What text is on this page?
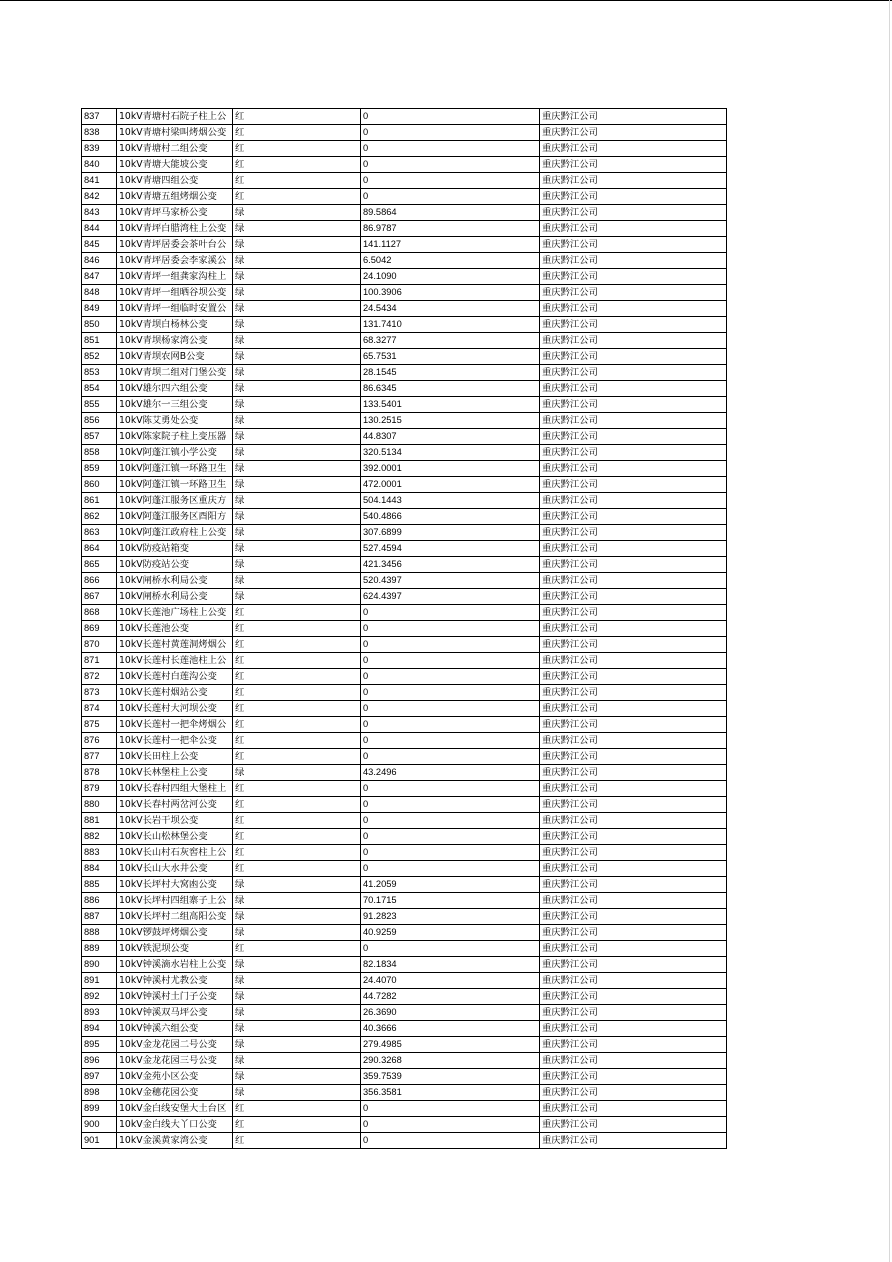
837	10kV青塘村石院子柱上公	红	0	重庆黔江公司
838	10kV青塘村梁叫烤烟公变	红	0	重庆黔江公司
839	10kV青塘村二组公变	红	0	重庆黔江公司
840	10kV青塘大能坡公变	红	0	重庆黔江公司
841	10kV青塘四组公变	红	0	重庆黔江公司
842	10kV青塘五组烤烟公变	红	0	重庆黔江公司
843	10kV青坪马家桥公变	绿	89.5864	重庆黔江公司
844	10kV青坪白腊湾柱上公变	绿	86.9787	重庆黔江公司
845	10kV青坪居委会茶叶台公	绿	141.1127	重庆黔江公司
846	10kV青坪居委会李家溪公	绿	6.5042	重庆黔江公司
847	10kV青坪一组龚家沟柱上	绿	24.1090	重庆黔江公司
848	10kV青坪一组晒谷坝公变	绿	100.3906	重庆黔江公司
849	10kV青坪一组临时安置公	绿	24.5434	重庆黔江公司
850	10kV青坝白杨林公变	绿	131.7410	重庆黔江公司
851	10kV青坝杨家湾公变	绿	68.3277	重庆黔江公司
852	10kV青坝农网B公变	绿	65.7531	重庆黔江公司
853	10kV青坝二组对门堡公变	绿	28.1545	重庆黔江公司
854	10kV雄尔四六组公变	绿	86.6345	重庆黔江公司
855	10kV雄尔一三组公变	绿	133.5401	重庆黔江公司
856	10kV陈艾勇处公变	绿	130.2515	重庆黔江公司
857	10kV陈家院子柱上变压器	绿	44.8307	重庆黔江公司
858	10kV阿蓬江镇小学公变	绿	320.5134	重庆黔江公司
859	10kV阿蓬江镇一环路卫生	绿	392.0001	重庆黔江公司
860	10kV阿蓬江镇一环路卫生	绿	472.0001	重庆黔江公司
861	10kV阿蓬江服务区重庆方	绿	504.1443	重庆黔江公司
862	10kV阿蓬江服务区酉阳方	绿	540.4866	重庆黔江公司
863	10kV阿蓬江政府柱上公变	绿	307.6899	重庆黔江公司
864	10kV防疫站箱变	绿	527.4594	重庆黔江公司
865	10kV防疫站公变	绿	421.3456	重庆黔江公司
866	10kV闸桥水利局公变	绿	520.4397	重庆黔江公司
867	10kV闸桥水利局公变	绿	624.4397	重庆黔江公司
868	10kV长莲池广场柱上公变	红	0	重庆黔江公司
869	10kV长莲池公变	红	0	重庆黔江公司
870	10kV长莲村黄莲洞烤烟公	红	0	重庆黔江公司
871	10kV长莲村长莲池柱上公	红	0	重庆黔江公司
872	10kV长莲村白莲沟公变	红	0	重庆黔江公司
873	10kV长莲村烟站公变	红	0	重庆黔江公司
874	10kV长莲村大河坝公变	红	0	重庆黔江公司
875	10kV长莲村一把伞烤烟公	红	0	重庆黔江公司
876	10kV长莲村一把伞公变	红	0	重庆黔江公司
877	10kV长田柱上公变	红	0	重庆黔江公司
878	10kV长林堡柱上公变	绿	43.2496	重庆黔江公司
879	10kV长春村四组大堡柱上	红	0	重庆黔江公司
880	10kV长春村两岔河公变	红	0	重庆黔江公司
881	10kV长岩干坝公变	红	0	重庆黔江公司
882	10kV长山松林堡公变	红	0	重庆黔江公司
883	10kV长山村石灰窖柱上公	红	0	重庆黔江公司
884	10kV长山大水井公变	红	0	重庆黔江公司
885	10kV长坪村大窝凼公变	绿	41.2059	重庆黔江公司
886	10kV长坪村四组寨子上公	绿	70.1715	重庆黔江公司
887	10kV长坪村二组高阳公变	绿	91.2823	重庆黔江公司
888	10kV锣鼓坪烤烟公变	绿	40.9259	重庆黔江公司
889	10kV铁泥坝公变	红	0	重庆黔江公司
890	10kV钟溪滴水岩柱上公变	绿	82.1834	重庆黔江公司
891	10kV钟溪村尤教公变	绿	24.4070	重庆黔江公司
892	10kV钟溪村土门子公变	绿	44.7282	重庆黔江公司
893	10kV钟溪双马坪公变	绿	26.3690	重庆黔江公司
894	10kV钟溪六组公变	绿	40.3666	重庆黔江公司
895	10kV金龙花园二号公变	绿	279.4985	重庆黔江公司
896	10kV金龙花园三号公变	绿	290.3268	重庆黔江公司
897	10kV金苑小区公变	绿	359.7539	重庆黔江公司
898	10kV金穗花园公变	绿	356.3581	重庆黔江公司
899	10kV金白线安堡大土台区	红	0	重庆黔江公司
900	10kV金白线大丫口公变	红	0	重庆黔江公司
901	10kV金溪黄家湾公变	红	0	重庆黔江公司
